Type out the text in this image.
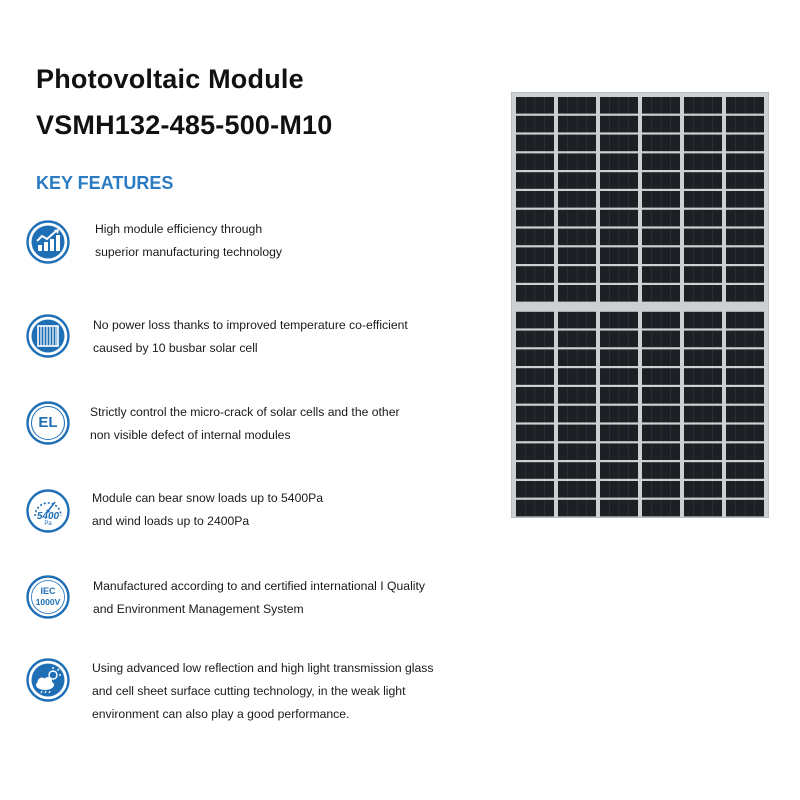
Photovoltaic Module
VSMH132-485-500-M10
KEY FEATURES
High module efficiency through
superior manufacturing technology
No power loss thanks to improved temperature co-efficient
caused by 10 busbar solar cell
EL
Strictly control the micro-crack of solar cells and the other
non visible defect of internal modules
5400
Pa
Module can bear snow loads up to 5400Pa
and wind loads up to 2400Pa
IEC
1000V
Manufactured according to and certified international I Quality
and Environment Management System
Using advanced low reflection and high light transmission glass
and cell sheet surface cutting technology, in the weak light
environment can also play a good performance.
